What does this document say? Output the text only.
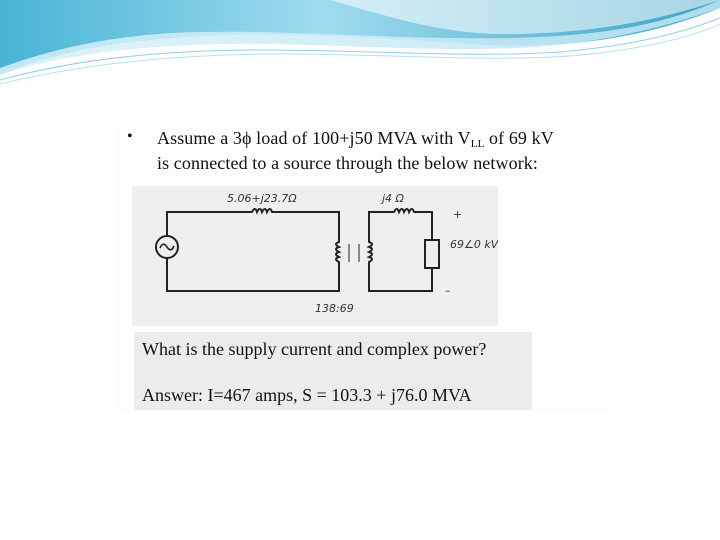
• Assume a 3ϕ load of 100+j50 MVA with $V_{LL}$ of 69 kV
is connected to a source through the below network:
5.06+j23.7Ω	j4 Ω
69∠0 kV
138:69
+
–
What is the supply current and complex power?
Answer: I=467 amps, S = 103.3 + j76.0 MVA
